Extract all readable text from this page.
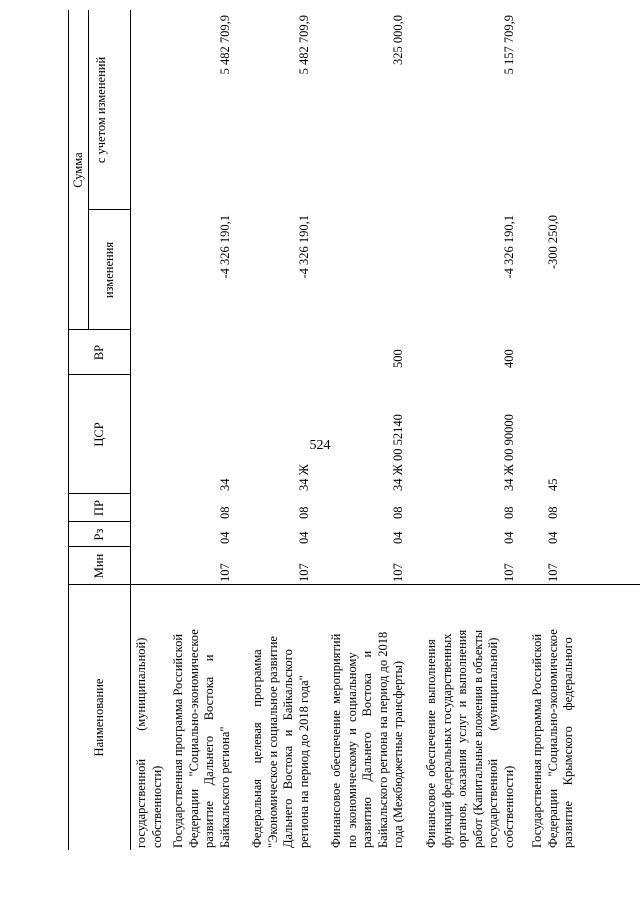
524
Наименование
Мин
Рз
ПР
ЦСР
ВР
Сумма
изменения
с учетом изменений
государственной         (муниципальной) собственности) Государственная программа Российской Федерации    "Социально-экономическое развитие     Дальнего     Востока     и Байкальского региона"
107
04
08
34
-4 326 190,1
5 482 709,9
Федеральная     целевая     программа "Экономическое и социальное развитие Дальнего   Востока   и   Байкальского региона на период до 2018 года"
107
04
08
34 Ж
-4 326 190,1
5 482 709,9
Финансовое  обеспечение  мероприятий по  экономическому  и  социальному развитию     Дальнего     Востока     и Байкальского региона на период до 2018 года (Межбюджетные трансферты)
107
04
08
34 Ж 00 52140
500
325 000,0
Финансовое  обеспечение  выполнения функций федеральных государственных органов,  оказания  услуг  и  выполнения работ (Капитальные вложения в объекты государственной         (муниципальной) собственности)
107
04
08
34 Ж 00 90000
400
-4 326 190,1
5 157 709,9
Государственная программа Российской Федерации    "Социально-экономическое развитие     Крымского     федерального
107
04
08
45
-300 250,0
